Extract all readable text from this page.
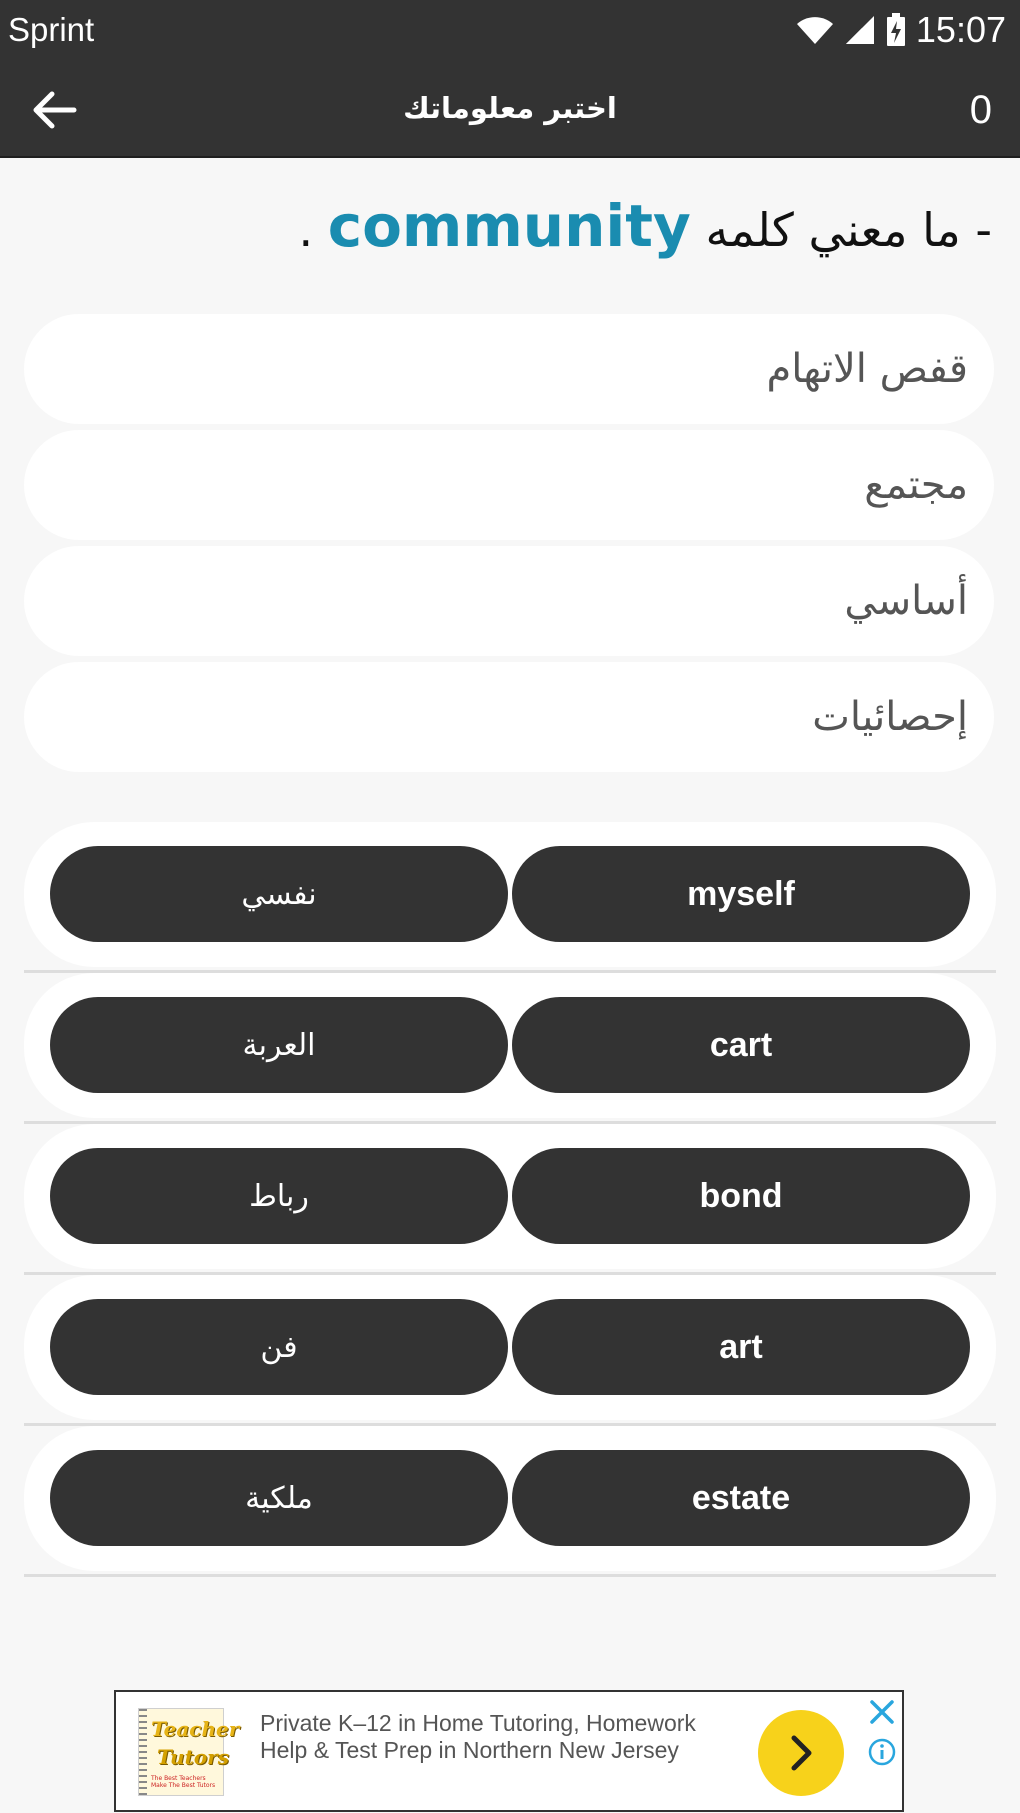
Sprint	15:07
اختبر معلوماتك	0
- ما معني كلمه community .
قفص الاتهام
مجتمع
أساسي
إحصائيات
نفسي	myself
العربة	cart
رباط	bond
فن	art
ملكية	estate
Teacher
Tutors
The Best Teachers Make The Best Tutors
Private K–12 in Home Tutoring, Homework Help & Test Prep in Northern New Jersey
